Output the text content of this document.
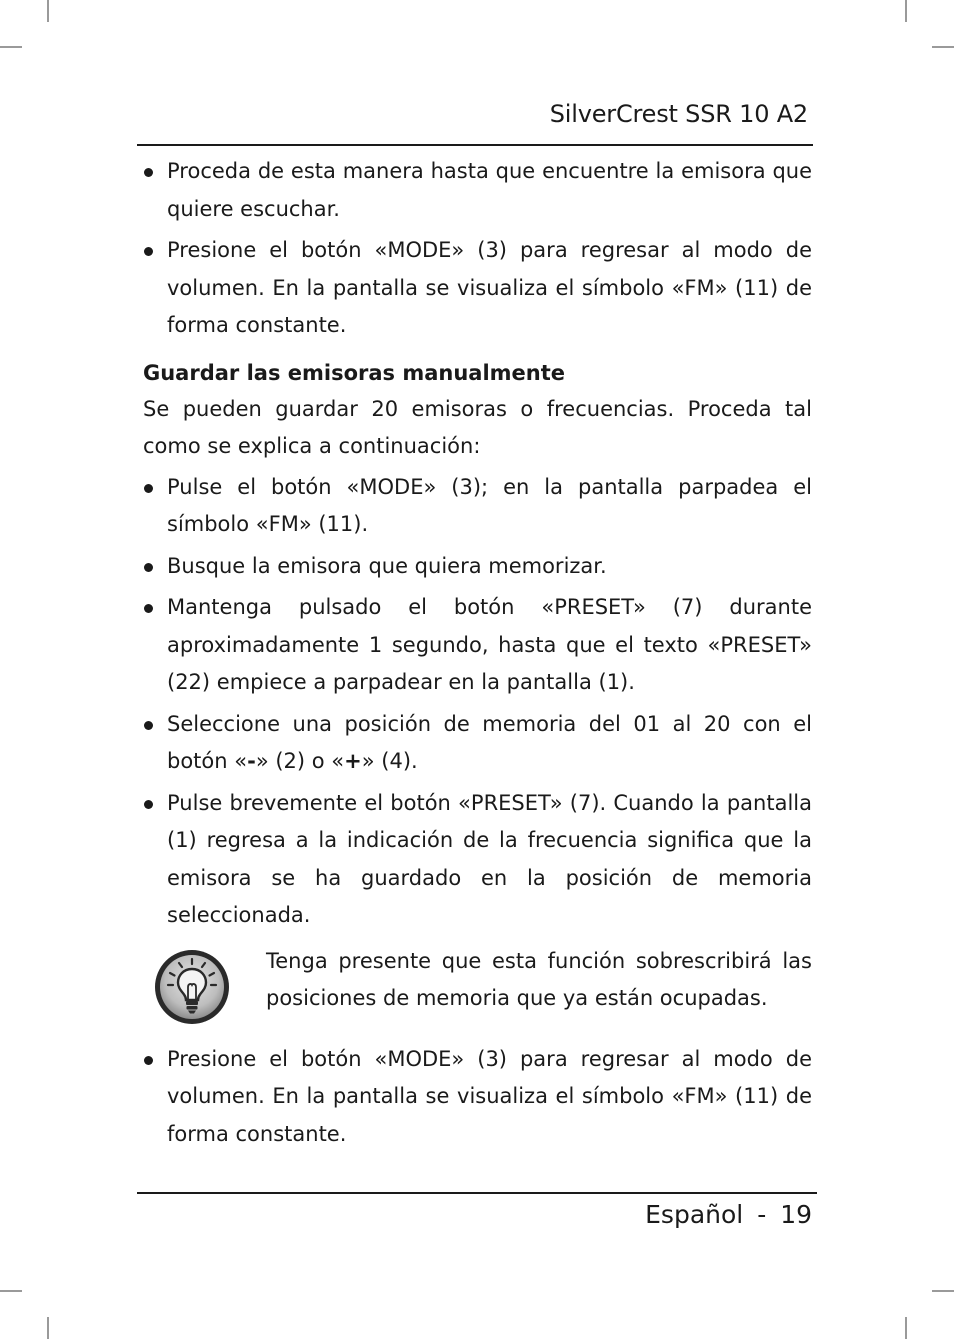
SilverCrest SSR 10 A2
Proceda de esta manera hasta que encuentre la emisora que quiere escuchar.
Presione el botón «MODE» (3) para regresar al modo de volumen. En la pantalla se visualiza el símbolo «FM» (11) de forma constante.
Guardar las emisoras manualmente

Se pueden guardar 20 emisoras o frecuencias. Proceda tal como se explica a continuación:

Pulse el botón «MODE» (3); en la pantalla parpadea el símbolo «FM» (11).
Busque la emisora que quiera memorizar.
Mantenga pulsado el botón «PRESET» (7) durante aproximadamente 1 segundo, hasta que el texto «PRESET» (22) empiece a parpadear en la pantalla (1).
Seleccione una posición de memoria del 01 al 20 con el botón «-» (2) o «+» (4).
Pulse brevemente el botón «PRESET» (7). Cuando la pantalla (1) regresa a la indicación de la frecuencia significa que la emisora se ha guardado en la posición de memoria seleccionada.
Tenga presente que esta función sobrescribirá las posiciones de memoria que ya están ocupadas.
Presione el botón «MODE» (3) para regresar al modo de volumen. En la pantalla se visualiza el símbolo «FM» (11) de forma constante.
Español - 19
